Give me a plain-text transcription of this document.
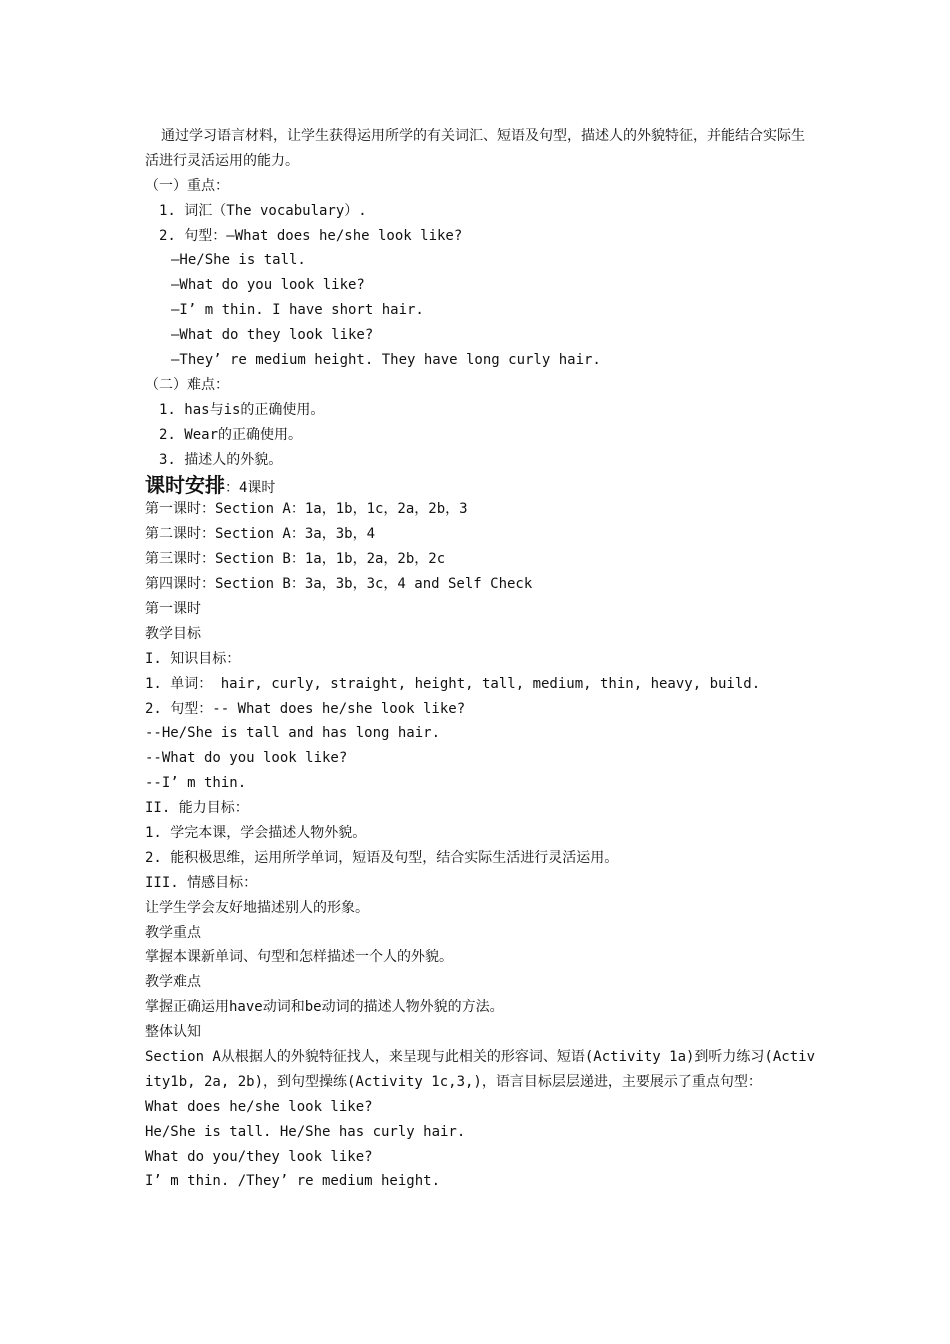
通过学习语言材料，让学生获得运用所学的有关词汇、短语及句型，描述人的外貌特征，并能结合实际生活进行灵活运用的能力。
（一）重点：
1. 词汇（The vocabulary）.
2. 句型：—What does he/she look like?
—He/She is tall.
—What do you look like?
—I’ m thin. I have short hair.
—What do they look like?
—They’ re medium height. They have long curly hair.
（二）难点：
1. has与is的正确使用。
2. Wear的正确使用。
3. 描述人的外貌。
课时安排：4课时
第一课时：Section A：1a，1b，1c，2a，2b，3
第二课时：Section A：3a，3b，4
第三课时：Section B：1a，1b，2a，2b，2c
第四课时：Section B：3a，3b，3c，4 and Self Check
第一课时
教学目标
I. 知识目标：
1. 单词： hair, curly, straight, height, tall, medium, thin, heavy, build.
2. 句型：-- What does he/she look like?
--He/She is tall and has long hair.
--What do you look like?
--I’ m thin.
II. 能力目标：
1. 学完本课，学会描述人物外貌。
2. 能积极思维，运用所学单词，短语及句型，结合实际生活进行灵活运用。
III. 情感目标：
让学生学会友好地描述别人的形象。
教学重点
掌握本课新单词、句型和怎样描述一个人的外貌。
教学难点
掌握正确运用have动词和be动词的描述人物外貌的方法。
整体认知
Section A从根据人的外貌特征找人，来呈现与此相关的形容词、短语(Activity 1a)到听力练习(Activity1b, 2a, 2b)，到句型操练(Activity 1c,3,)，语言目标层层递进，主要展示了重点句型：
What does he/she look like?
He/She is tall. He/She has curly hair.
What do you/they look like?
I’ m thin. /They’ re medium height.
